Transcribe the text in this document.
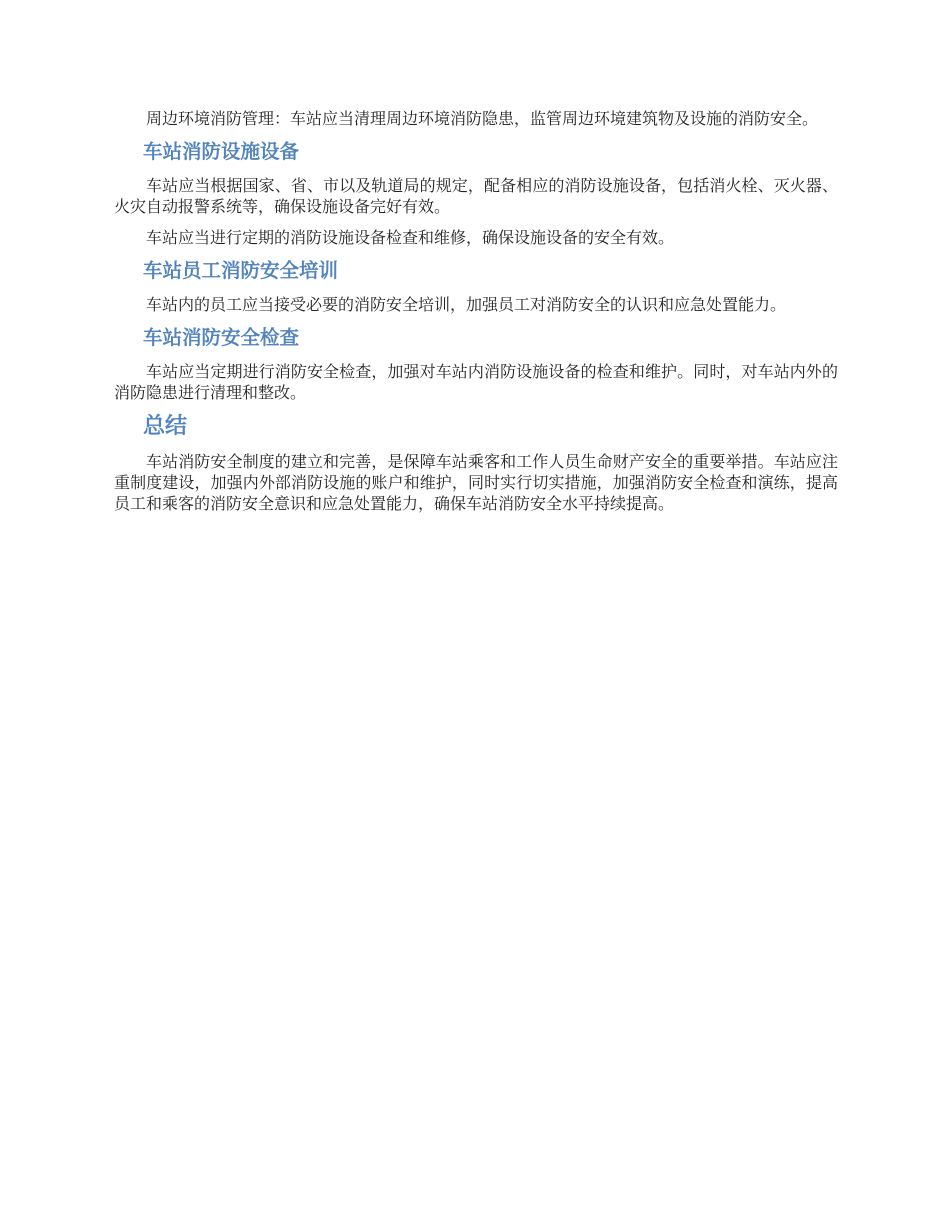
周边环境消防管理：车站应当清理周边环境消防隐患，监管周边环境建筑物及设施的消防安全。

车站消防设施设备

车站应当根据国家、省、市以及轨道局的规定，配备相应的消防设施设备，包括消火栓、灭火器、火灾自动报警系统等，确保设施设备完好有效。

车站应当进行定期的消防设施设备检查和维修，确保设施设备的安全有效。

车站员工消防安全培训

车站内的员工应当接受必要的消防安全培训，加强员工对消防安全的认识和应急处置能力。

车站消防安全检查

车站应当定期进行消防安全检查，加强对车站内消防设施设备的检查和维护。同时，对车站内外的消防隐患进行清理和整改。

总结

车站消防安全制度的建立和完善，是保障车站乘客和工作人员生命财产安全的重要举措。车站应注重制度建设，加强内外部消防设施的账户和维护，同时实行切实措施，加强消防安全检查和演练，提高员工和乘客的消防安全意识和应急处置能力，确保车站消防安全水平持续提高。
